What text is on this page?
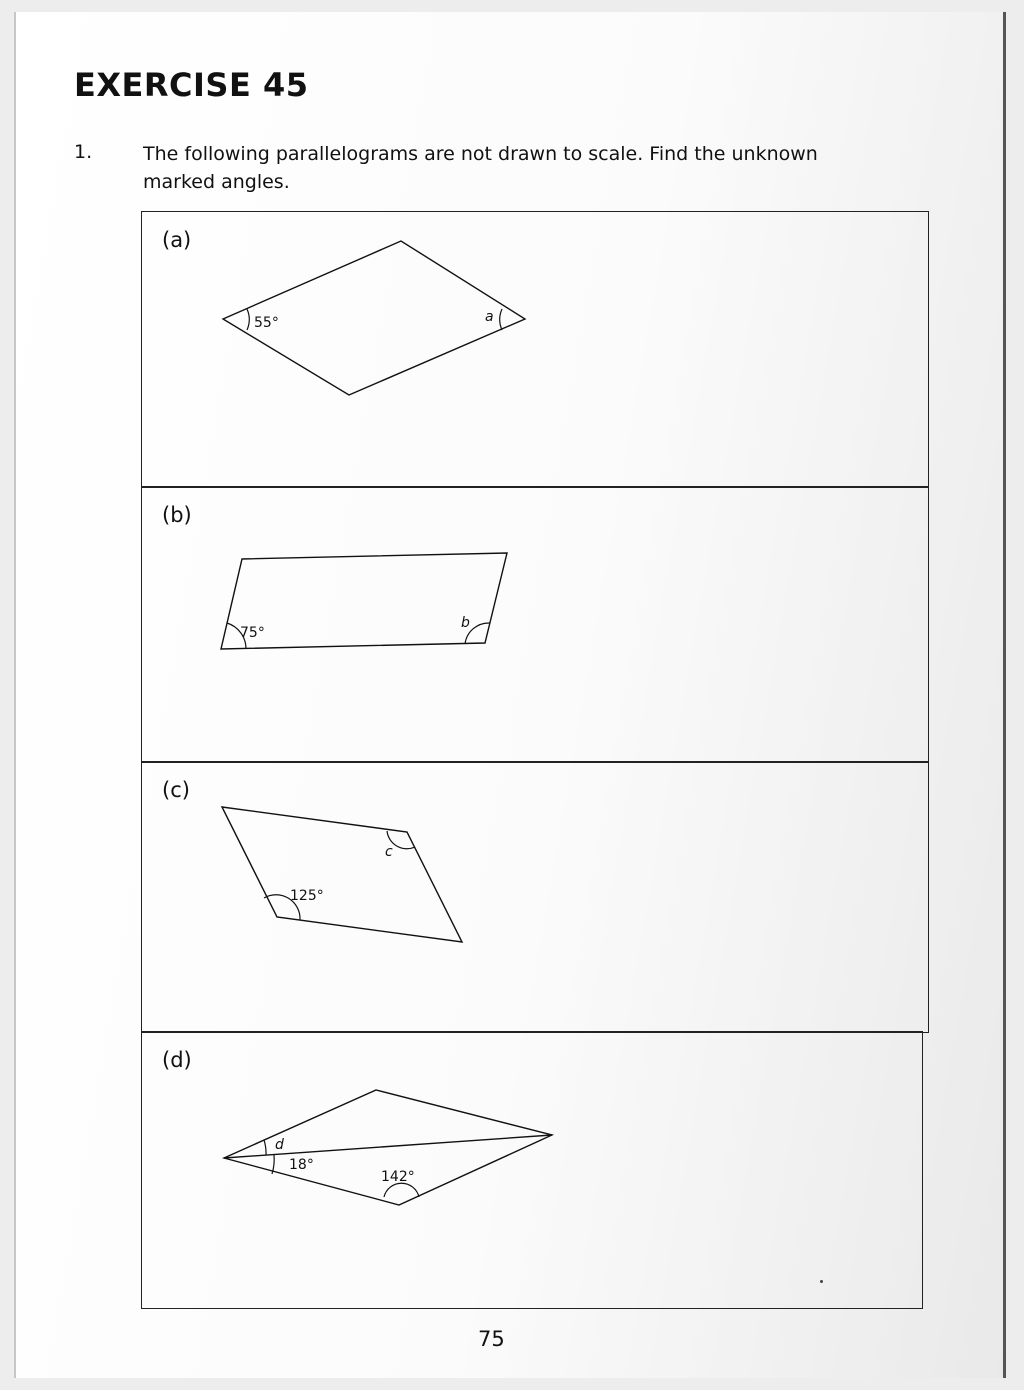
EXERCISE 45
1.	The following parallelograms are not drawn to scale. Find the unknown marked angles.
(a)
55°	a
(b)
75°
b
(c)
125°
c
(d)
d
18°
142°
75
